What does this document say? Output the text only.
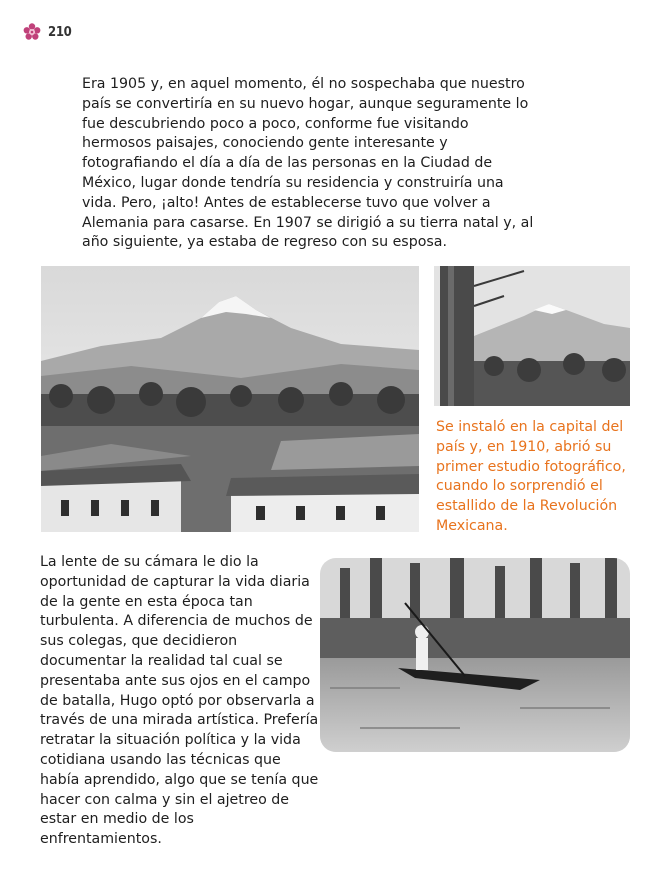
210

Era 1905 y, en aquel momento, él no sospechaba que nuestro país se convertiría en su nuevo hogar, aunque seguramente lo fue descubriendo poco a poco, conforme fue visitando hermosos paisajes, conociendo gente interesante y fotografiando el día a día de las personas en la Ciudad de México, lugar donde tendría su residencia y construiría una vida. Pero, ¡alto! Antes de establecerse tuvo que volver a Alemania para casarse. En 1907 se dirigió a su tierra natal y, al año siguiente, ya estaba de regreso con su esposa.

Se instaló en la capital del país y, en 1910, abrió su primer estudio fotográfico, cuando lo sorprendió el estallido de la Revolución Mexicana.

La lente de su cámara le dio la oportunidad de capturar la vida diaria de la gente en esta época tan turbulenta. A diferencia de muchos de sus colegas, que decidieron documentar la realidad tal cual se presentaba ante sus ojos en el campo de batalla, Hugo optó por observarla a través de una mirada artística. Prefería retratar la situación política y la vida cotidiana usando las técnicas que había aprendido, algo que se tenía que hacer con calma y sin el ajetreo de estar en medio de los enfrentamientos.
